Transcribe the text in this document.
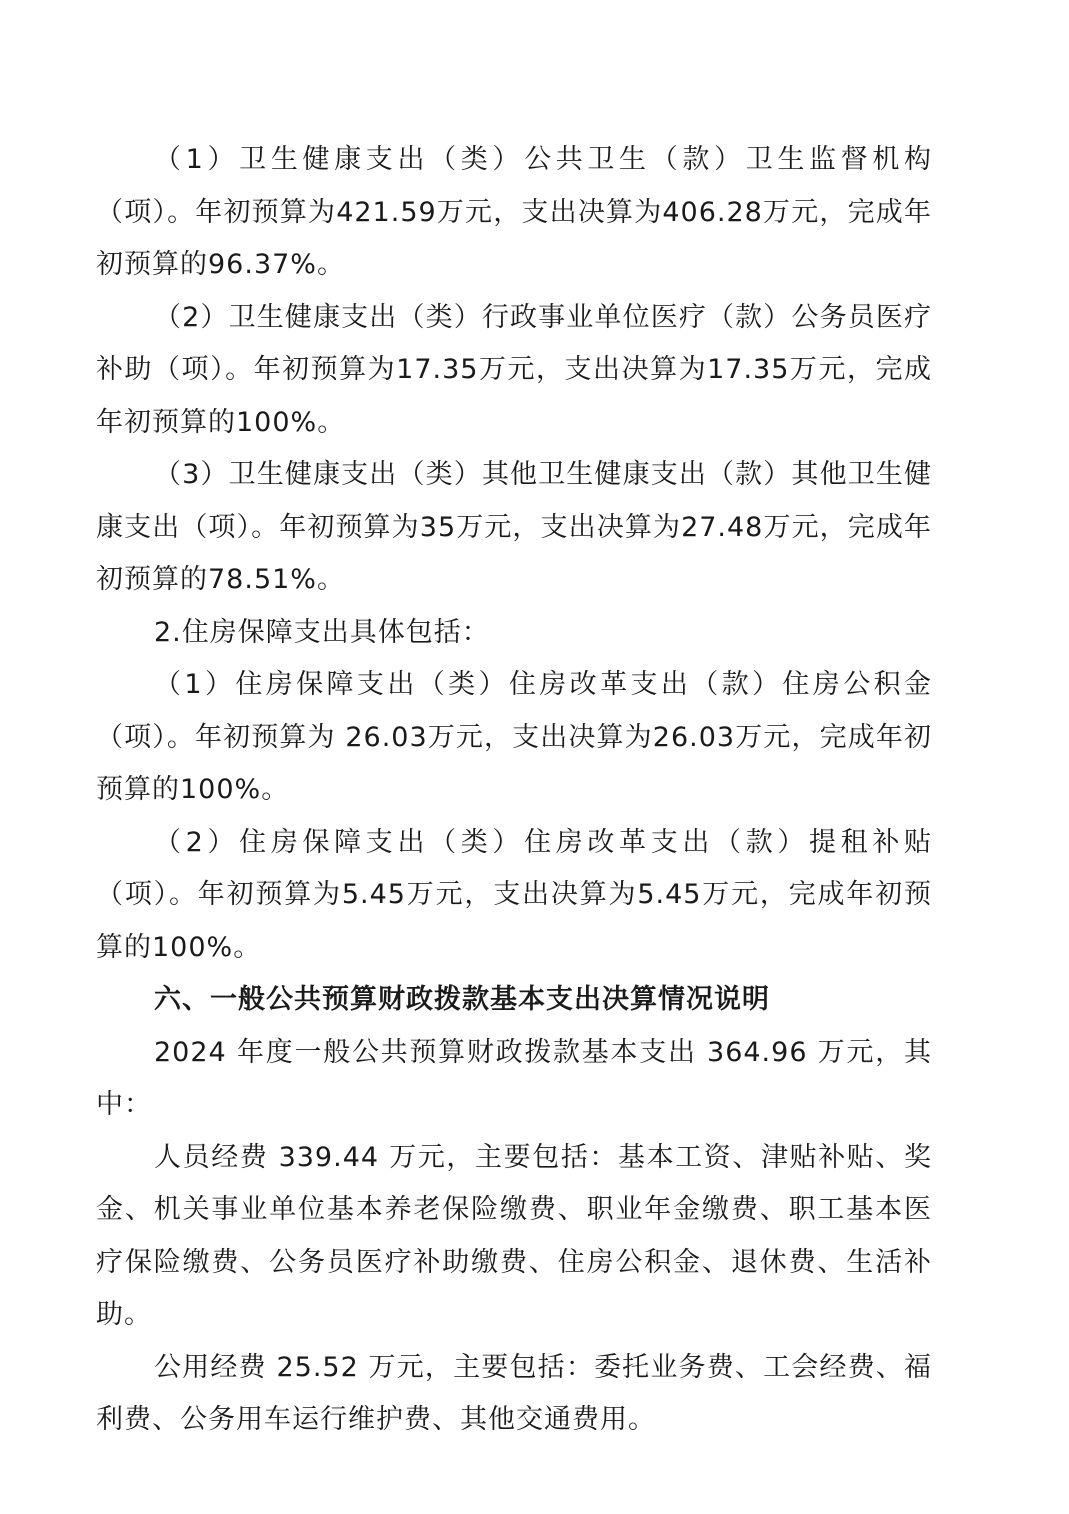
（1）卫生健康支出（类）公共卫生（款）卫生监督机构（项）。年初预算为421.59万元，支出决算为406.28万元，完成年初预算的96.37%。

（2）卫生健康支出（类）行政事业单位医疗（款）公务员医疗补助（项）。年初预算为17.35万元，支出决算为17.35万元，完成年初预算的100%。

（3）卫生健康支出（类）其他卫生健康支出（款）其他卫生健康支出（项）。年初预算为35万元，支出决算为27.48万元，完成年初预算的78.51%。

2.住房保障支出具体包括：

（1）住房保障支出（类）住房改革支出（款）住房公积金（项）。年初预算为 26.03万元，支出决算为26.03万元，完成年初预算的100%。

（2）住房保障支出（类）住房改革支出（款）提租补贴（项）。年初预算为5.45万元，支出决算为5.45万元，完成年初预算的100%。

六、一般公共预算财政拨款基本支出决算情况说明

2024 年度一般公共预算财政拨款基本支出 364.96 万元，其中：

人员经费 339.44 万元，主要包括：基本工资、津贴补贴、奖金、机关事业单位基本养老保险缴费、职业年金缴费、职工基本医疗保险缴费、公务员医疗补助缴费、住房公积金、退休费、生活补助。

公用经费 25.52 万元，主要包括：委托业务费、工会经费、福利费、公务用车运行维护费、其他交通费用。
